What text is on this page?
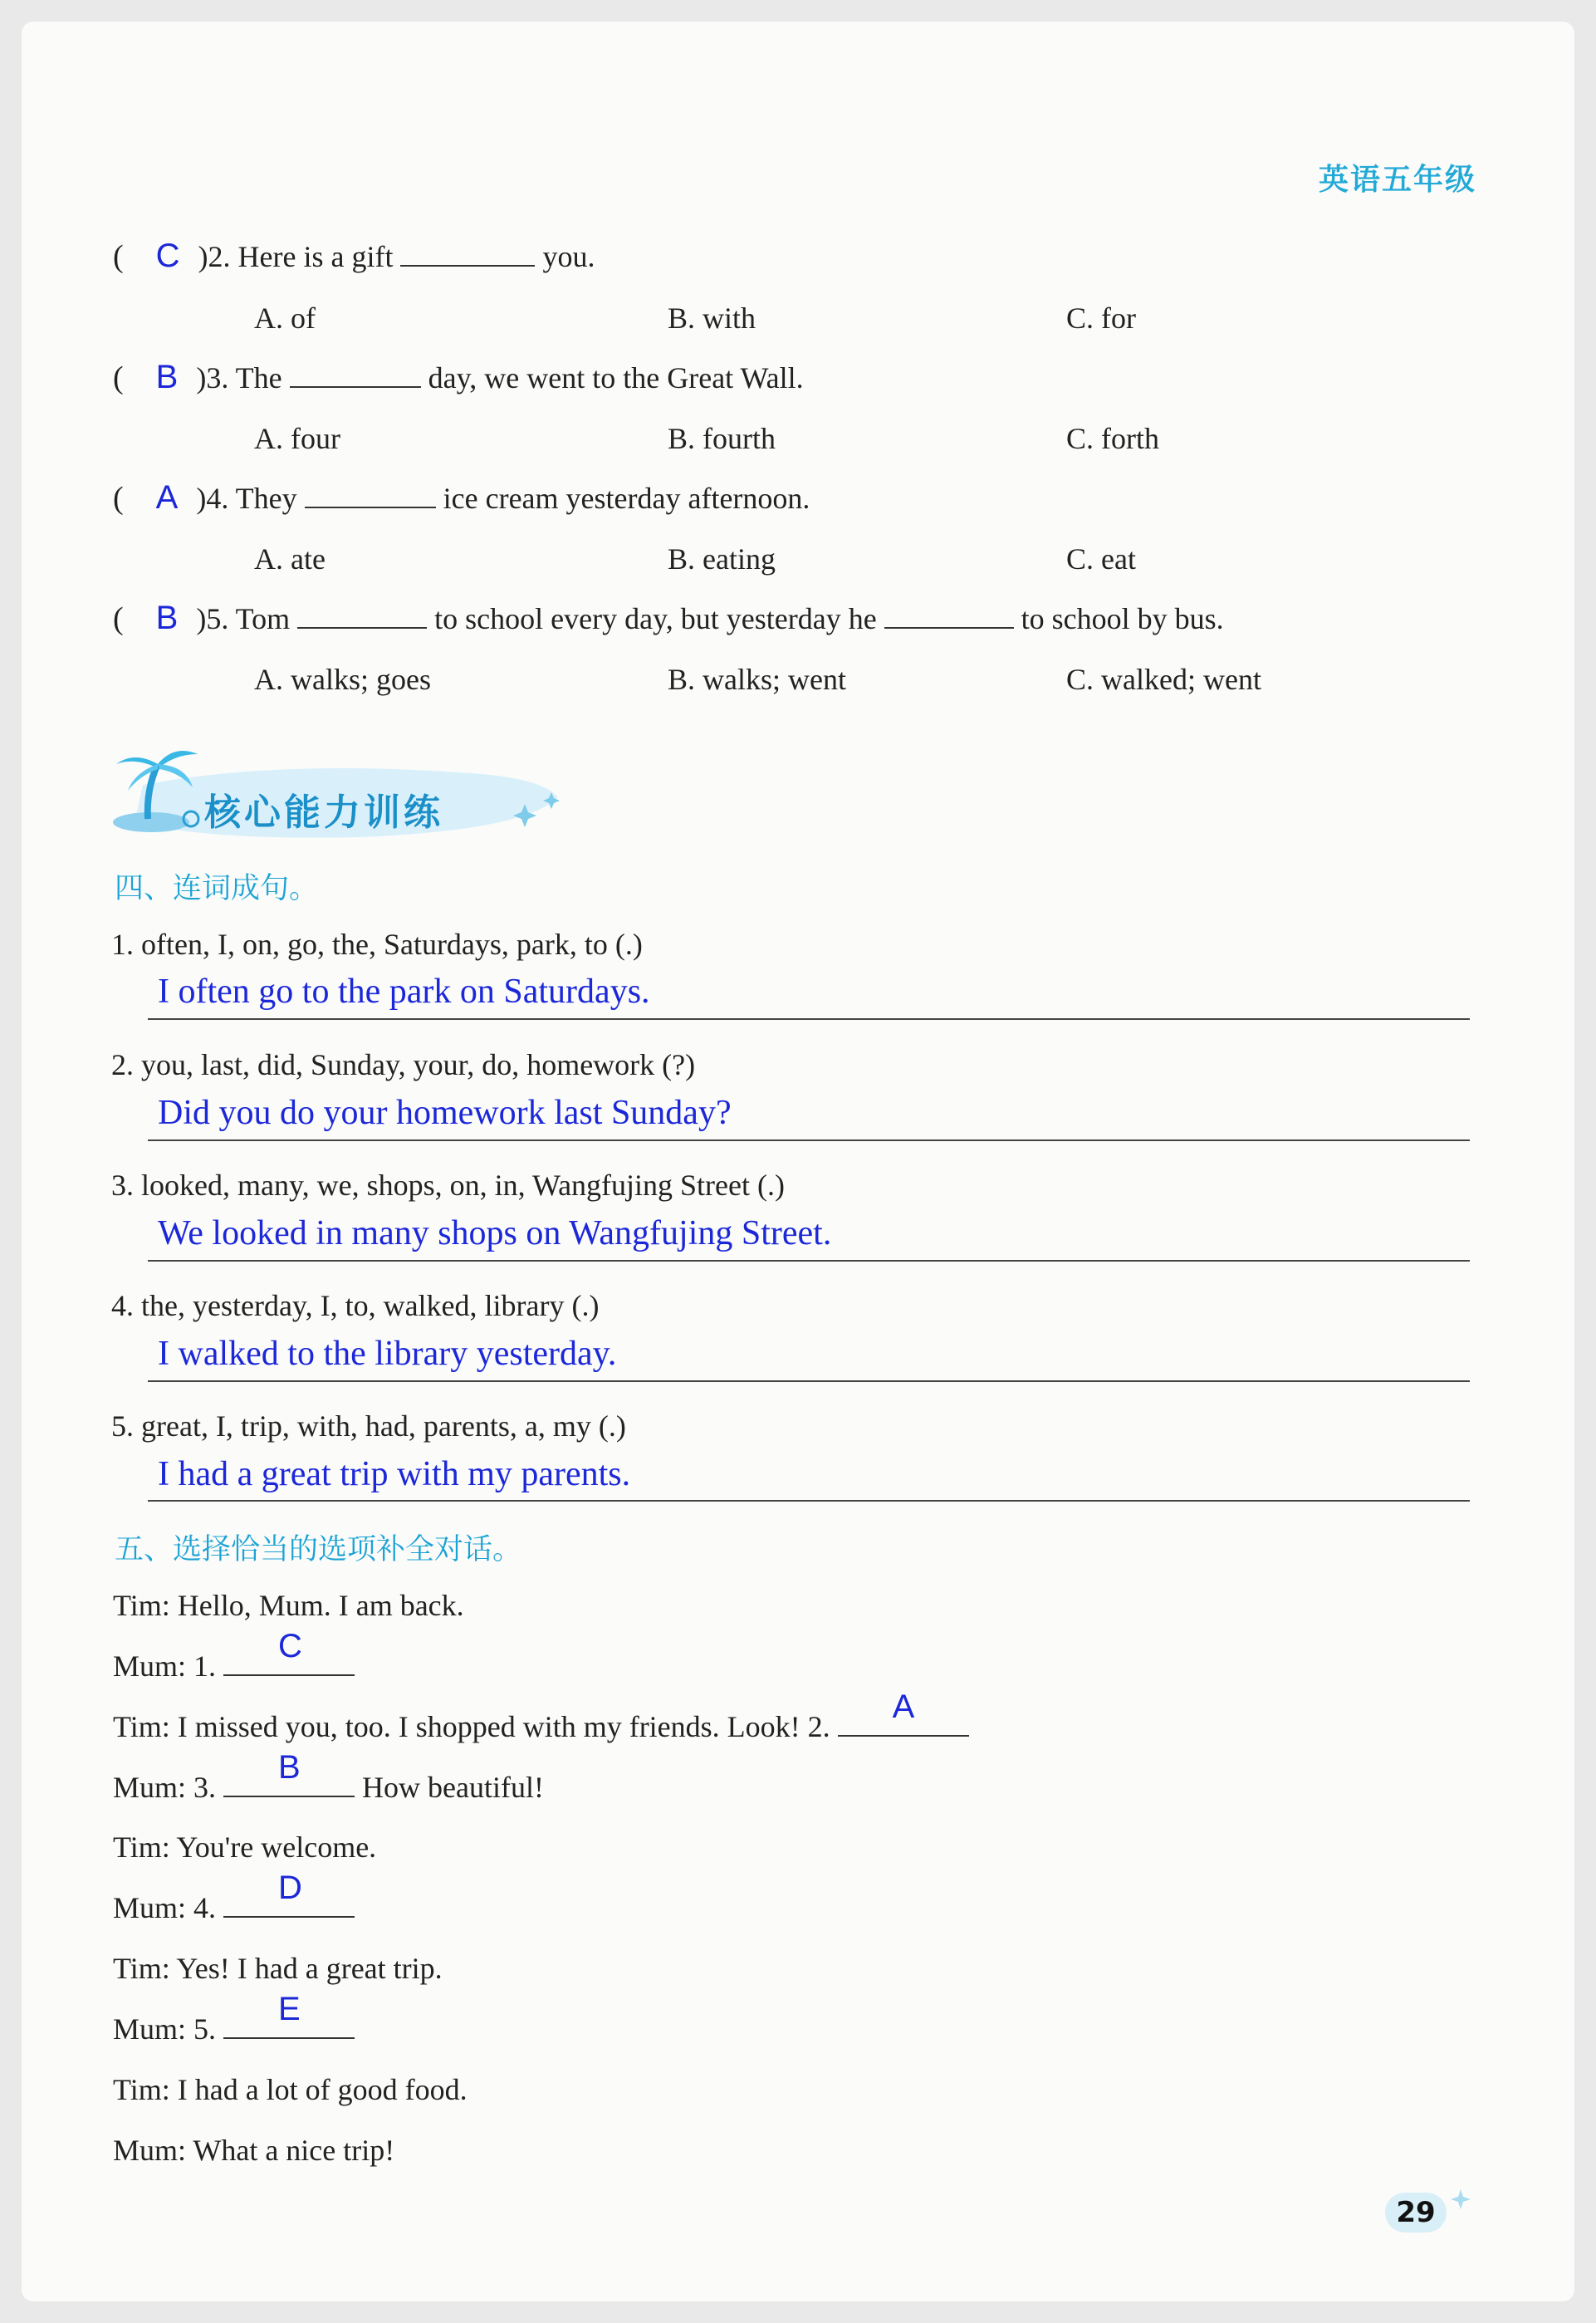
英语五年级
( C )2. Here is a gift	you.
A. of	B. with	C. for
( B )3. The	day, we went to the Great Wall.
A. four	B. fourth	C. forth
( A )4. They	ice cream yesterday afternoon.
A. ate	B. eating	C. eat
( B )5. Tom	to school every day, but yesterday he	to school by bus.
A. walks; goes	B. walks; went	C. walked; went
核心能力训练
四、连词成句。
1. often, I, on, go, the, Saturdays, park, to (.)
I often go to the park on Saturdays.
2. you, last, did, Sunday, your, do, homework (?)
Did you do your homework last Sunday?
3. looked, many, we, shops, on, in, Wangfujing Street (.)
We looked in many shops on Wangfujing Street.
4. the, yesterday, I, to, walked, library (.)
I walked to the library yesterday.
5. great, I, trip, with, had, parents, a, my (.)
I had a great trip with my parents.
五、选择恰当的选项补全对话。
Tim: Hello, Mum. I am back.
Mum: 1.
C
Tim: I missed you, too. I shopped with my friends. Look! 2.
A
Mum: 3.
B
How beautiful!
Tim: You're welcome.
Mum: 4.
D
Tim: Yes! I had a great trip.
Mum: 5.
E
Tim: I had a lot of good food.
Mum: What a nice trip!
29
